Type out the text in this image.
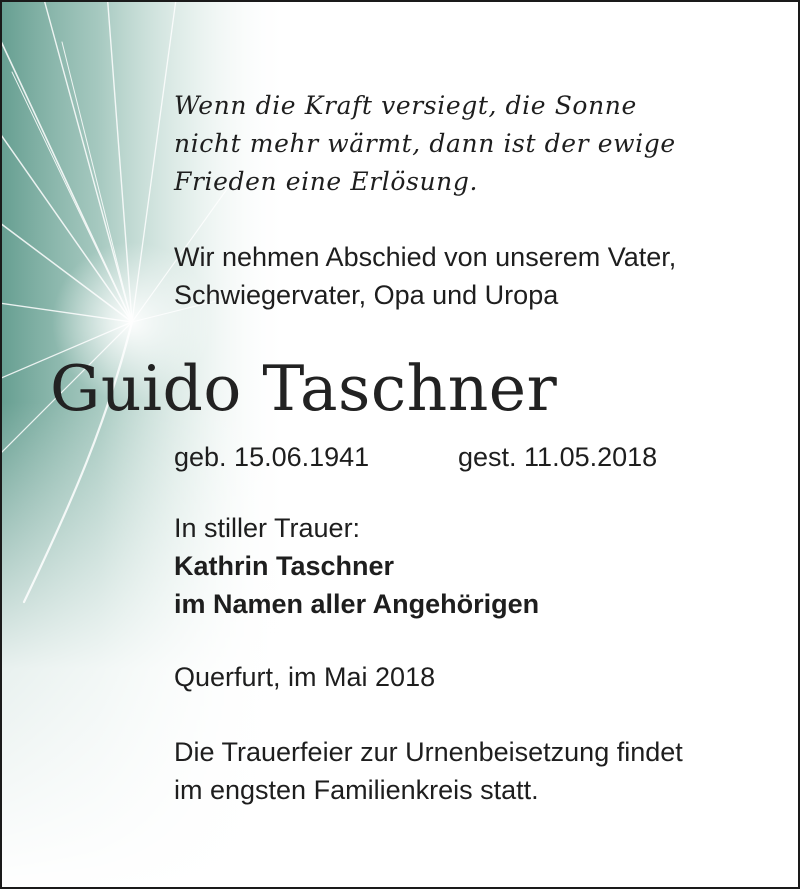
Wenn die Kraft versiegt, die Sonne
nicht mehr wärmt, dann ist der ewige
Frieden eine Erlösung.
Wir nehmen Abschied von unserem Vater,
Schwiegervater, Opa und Uropa
Guido Taschner
geb. 15.06.1941	gest. 11.05.2018
In stiller Trauer:
Kathrin Taschner
im Namen aller Angehörigen
Querfurt, im Mai 2018
Die Trauerfeier zur Urnenbeisetzung findet
im engsten Familienkreis statt.
